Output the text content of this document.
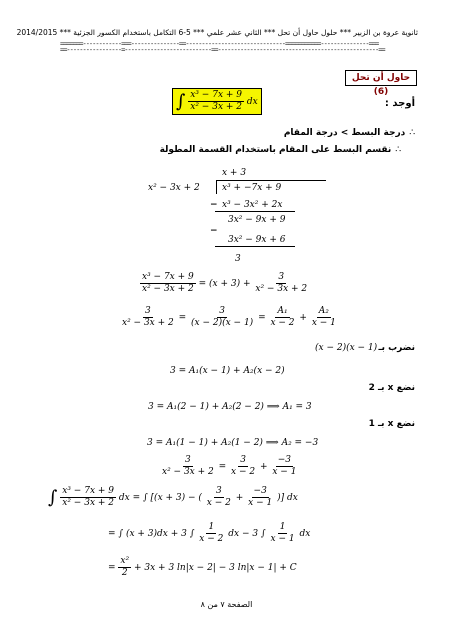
ثانوية عروة بن الزبير *** حلول حاول أن تحل *** الثاني عشر علمي *** 5-6 التكامل باستخدام الكسور الجزئية *** 2014/2015
=======------------===---------------==-------------------------------===========---------------===
==-----------------=---------------------------==--------------------------------------------------==
حاول أن تحل (6)
أوجد :
∫ $\frac{\text{x³ − 7x + 9}}{\text{x² − 3x + 2}}$ dx
∴درجة البسط > درجة المقام
∴نقسم البسط على المقام باستخدام القسمة المطولة
x + 3
x² − 3x + 2 x³ + −7x + 9
− x³ − 3x² + 2x
3x² − 9x + 9
−
3x² − 9x + 6
3
$\frac{\text{x³ − 7x + 9}}{\text{x² − 3x + 2}} = (x + 3) + \frac{3}{\text{x² − 3x + 2}}$
$\frac{3}{\text{x² − 3x + 2}} = \frac{3}{(x - 2)(x - 1)} = \frac{\text{A₁}}{x - 2} + \frac{\text{A₂}}{x - 1}$
نضرب بـ
(x − 2)(x − 1)
3 = A₁(x − 1) + A₂(x − 2)
نضع x بـ 2
3 = A₁(2 − 1) + A₂(2 − 2) ⟹ A₁ = 3
نضع x بـ 1
3 = A₁(1 − 1) + A₂(1 − 2) ⟹ A₂ = −3
$\frac{3}{\text{x² − 3x + 2}} = \frac{3}{x - 2} + \frac{-3}{x - 1}$
∫ $\frac{\text{x³ − 7x + 9}}{\text{x² − 3x + 2}}$ dx = ∫ [(x + 3) − ( $\frac{3}{x - 2} + \frac{-3}{x - 1}$ )] dx
= ∫ (x + 3)dx + 3 ∫ $\frac{1}{x - 2}$ dx − 3 ∫ $\frac{1}{x - 1}$ dx
= $\frac{\text{x²}}{2} + 3x + 3$ ln|x − 2| − 3 ln|x − 1| + C
الصفحة ٧ من ٨
